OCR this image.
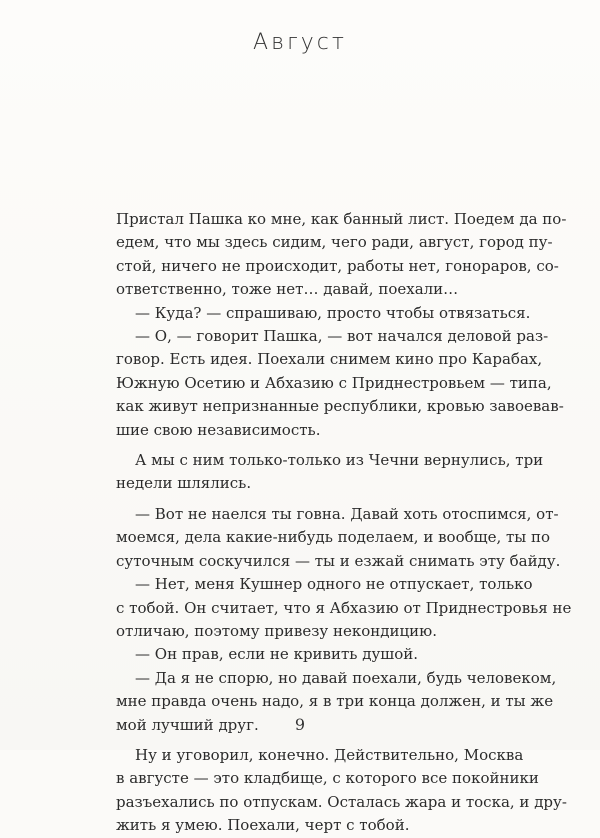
Август
Пристал Пашка ко мне, как банный лист. Поедем да по-
едем, что мы здесь сидим, чего ради, август, город пу-
стой, ничего не происходит, работы нет, гонораров, со-
ответственно, тоже нет… давай, поехали…
— Куда? — спрашиваю, просто чтобы отвязаться.
— О, — говорит Пашка, — вот начался деловой раз-
говор. Есть идея. Поехали снимем кино про Карабах,
Южную Осетию и Абхазию с Приднестровьем — типа,
как живут непризнанные республики, кровью завоевав-
шие свою независимость.
А мы с ним только-только из Чечни вернулись, три
недели шлялись.
— Вот не наелся ты говна. Давай хоть отоспимся, от-
моемся, дела какие-нибудь поделаем, и вообще, ты по
суточным соскучился — ты и езжай снимать эту байду.
— Нет, меня Кушнер одного не отпускает, только
с тобой. Он считает, что я Абхазию от Приднестровья не
отличаю, поэтому привезу некондицию.
— Он прав, если не кривить душой.
— Да я не спорю, но давай поехали, будь человеком,
мне правда очень надо, я в три конца должен, и ты же
мой лучший друг.
Ну и уговорил, конечно. Действительно, Москва
в августе — это кладбище, с которого все покойники
разъехались по отпускам. Осталась жара и тоска, и дру-
жить я умею. Поехали, черт с тобой.
9
